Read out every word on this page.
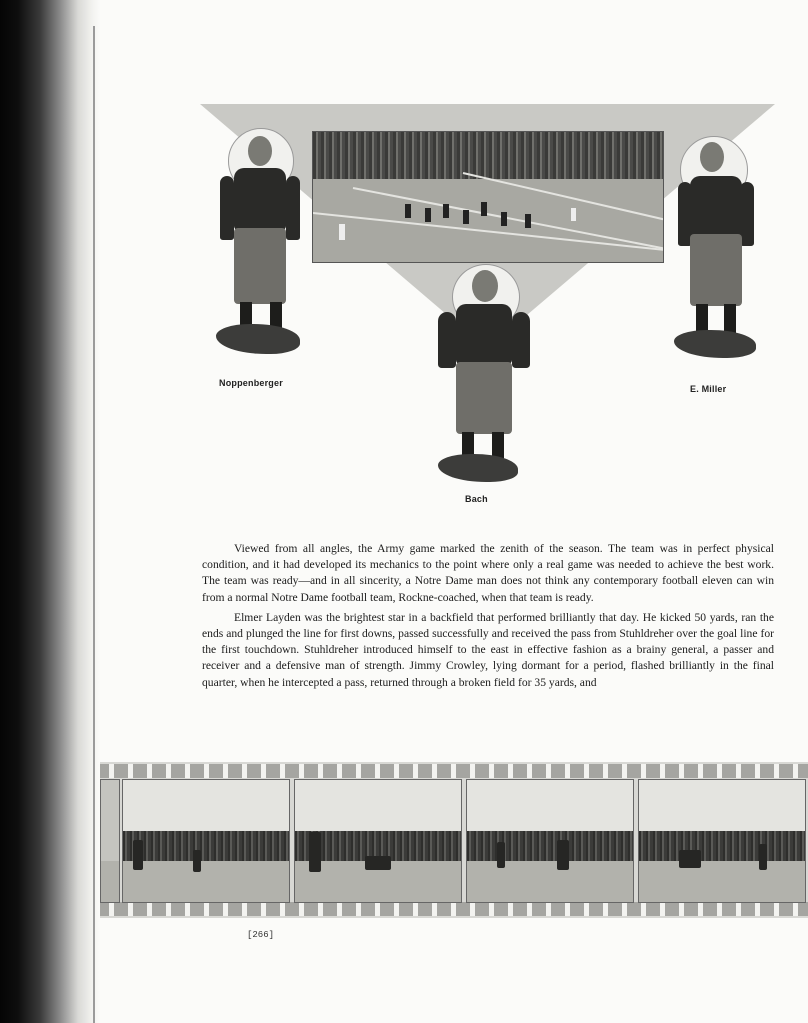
Noppenberger
E. Miller
Bach

Viewed from all angles, the Army game marked the zenith of the season. The team was in perfect physical condition, and it had developed its mechanics to the point where only a real game was needed to achieve the best work. The team was ready—and in all sincerity, a Notre Dame man does not think any contemporary football eleven can win from a normal Notre Dame football team, Rockne-coached, when that team is ready.

Elmer Layden was the brightest star in a backfield that performed brilliantly that day. He kicked 50 yards, ran the ends and plunged the line for first downs, passed successfully and received the pass from Stuhldreher over the goal line for the first touchdown. Stuhldreher introduced himself to the east in effective fashion as a brainy general, a passer and receiver and a defensive man of strength. Jimmy Crowley, lying dormant for a period, flashed brilliantly in the final quarter, when he intercepted a pass, returned through a broken field for 35 yards, and

[266]
